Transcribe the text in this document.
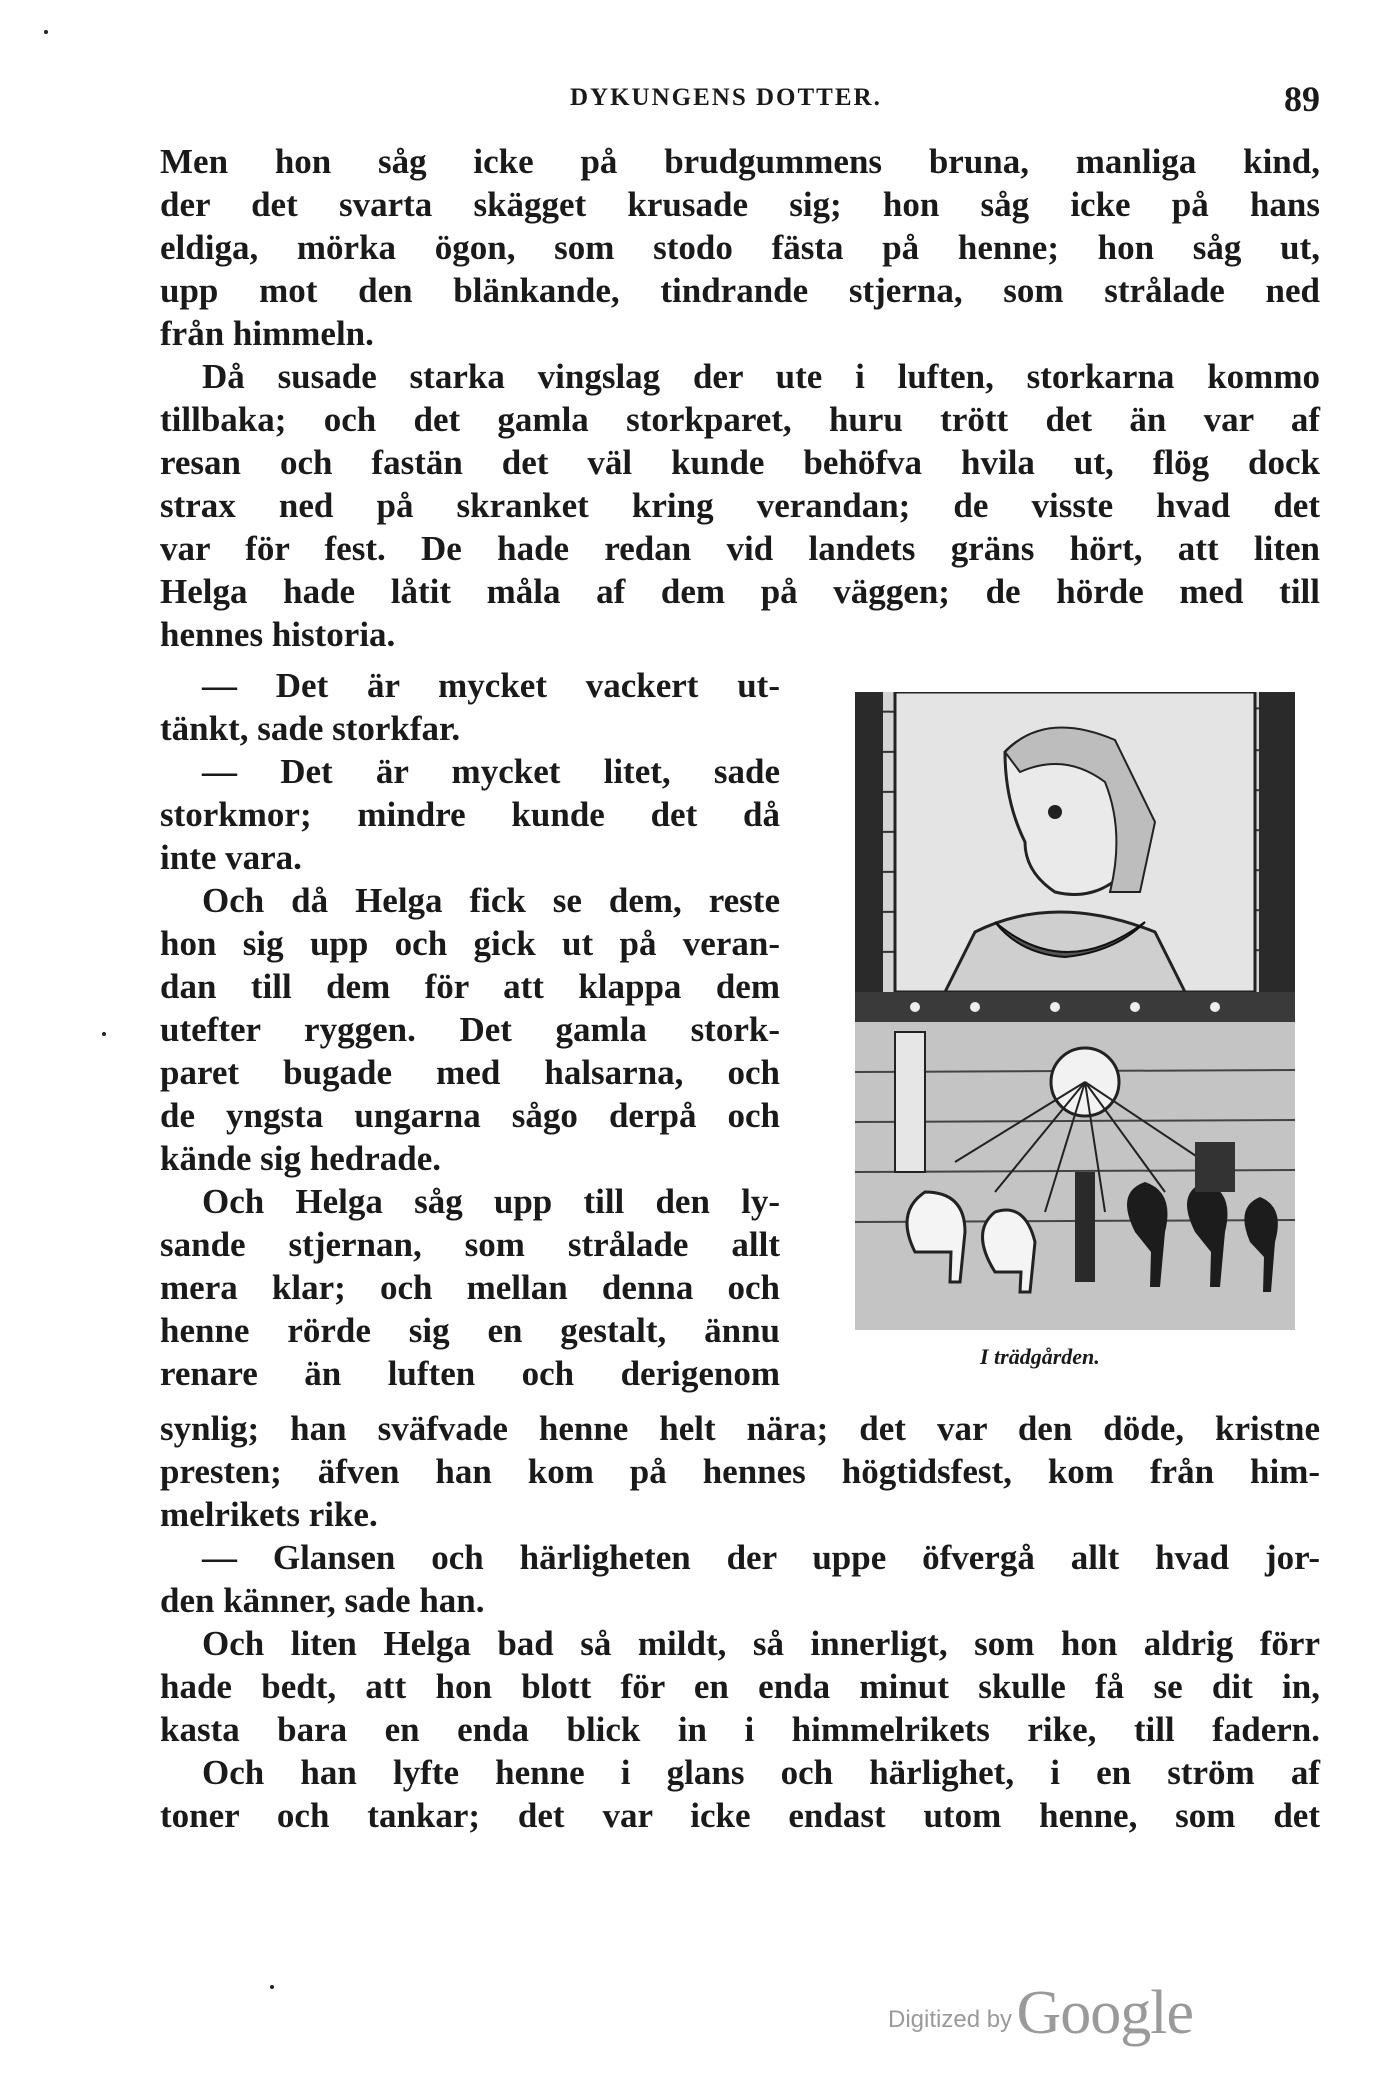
DYKUNGENS DOTTER.	89
Men hon såg icke på brudgummens bruna, manliga kind,
der det svarta skägget krusade sig; hon såg icke på hans
eldiga, mörka ögon, som stodo fästa på henne; hon såg ut,
upp mot den blänkande, tindrande stjerna, som strålade ned
från himmeln.
Då susade starka vingslag der ute i luften, storkarna kommo
tillbaka; och det gamla storkparet, huru trött det än var af
resan och fastän det väl kunde behöfva hvila ut, flög dock
strax ned på skranket kring verandan; de visste hvad det
var för fest. De hade redan vid landets gräns hört, att liten
Helga hade låtit måla af dem på väggen; de hörde med till
hennes historia.
— Det är mycket vackert ut-
tänkt, sade storkfar.
— Det är mycket litet, sade
storkmor; mindre kunde det då
inte vara.
Och då Helga fick se dem, reste
hon sig upp och gick ut på veran-
dan till dem för att klappa dem
utefter ryggen. Det gamla stork-
paret bugade med halsarna, och
de yngsta ungarna sågo derpå och
kände sig hedrade.
Och Helga såg upp till den ly-
sande stjernan, som strålade allt
mera klar; och mellan denna och
henne rörde sig en gestalt, ännu
renare än luften och derigenom	I trädgården.
synlig; han sväfvade henne helt nära; det var den döde, kristne
presten; äfven han kom på hennes högtidsfest, kom från him-
melrikets rike.
— Glansen och härligheten der uppe öfvergå allt hvad jor-
den känner, sade han.
Och liten Helga bad så mildt, så innerligt, som hon aldrig förr
hade bedt, att hon blott för en enda minut skulle få se dit in,
kasta bara en enda blick in i himmelrikets rike, till fadern.
Och han lyfte henne i glans och härlighet, i en ström af
toner och tankar; det var icke endast utom henne, som det
Digitized by Google
